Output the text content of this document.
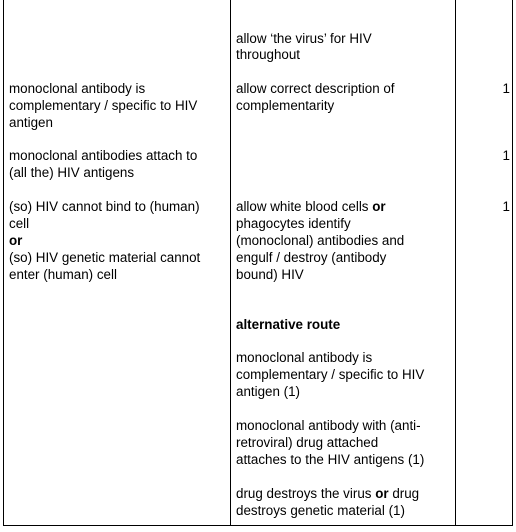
allow ‘the virus’ for HIV
throughout
monoclonal antibody is
complementary / specific to HIV
antigen
allow correct description of
complementarity
1
monoclonal antibodies attach to
(all the) HIV antigens
1
(so) HIV cannot bind to (human)
cell
or
(so) HIV genetic material cannot
enter (human) cell
allow white blood cells or
phagocytes identify
(monoclonal) antibodies and
engulf / destroy (antibody
bound) HIV
1
alternative route
monoclonal antibody is
complementary / specific to HIV
antigen (1)
monoclonal antibody with (anti-
retroviral) drug attached
attaches to the HIV antigens (1)
drug destroys the virus or drug
destroys genetic material (1)
